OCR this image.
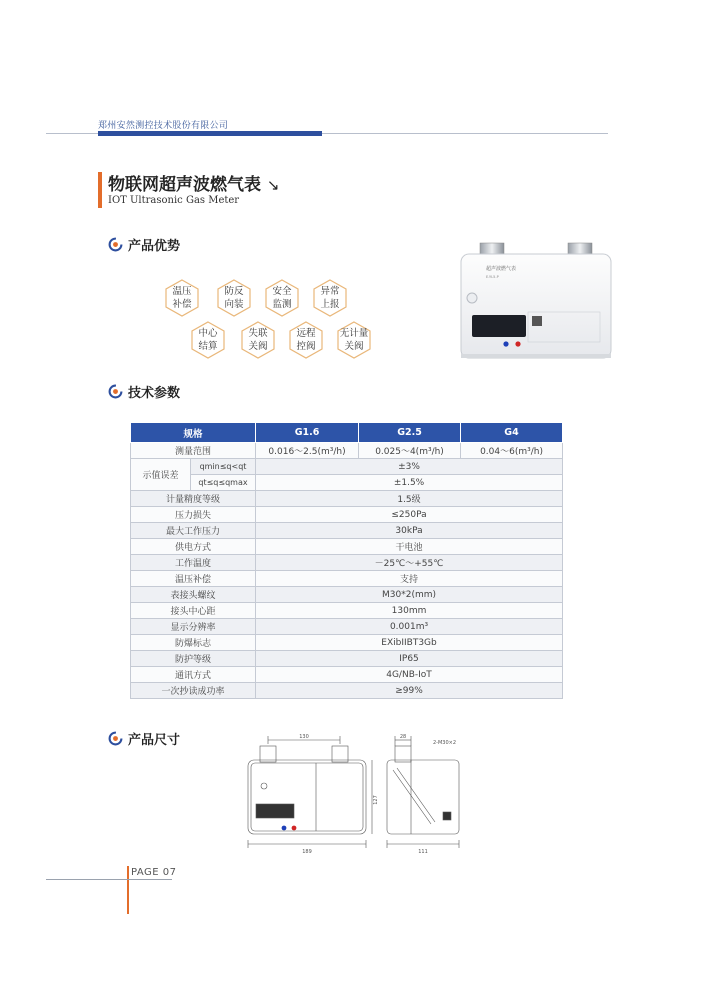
郑州安然测控技术股份有限公司
物联网超声波燃气表 ↘
IOT Ultrasonic Gas Meter
产品优势
温压
补偿
防反
向装
安全
监测
异常
上报
中心
结算
失联
关阀
远程
控阀
无计量
关阀
超声波燃气表
E-YL5-P
技术参数
规格		G1.6	G2.5	G4
测量范围		0.016～2.5(m³/h)	0.025～4(m³/h)	0.04～6(m³/h)
示值误差	qmin≤q<qt	±3%		
	qt≤q≤qmax	±1.5%		
计量精度等级		1.5级		
压力损失		≤250Pa		
最大工作压力		30kPa		
供电方式		干电池		
工作温度		－25℃～+55℃		
温压补偿		支持		
表接头螺纹		M30*2(mm)		
接头中心距		130mm		
显示分辨率		0.001m³		
防爆标志		EXibIIBT3Gb		
防护等级		IP65		
通讯方式		4G/NB-IoT		
一次抄读成功率		≥99%		
产品尺寸	130
189
127
28
2-M30×2
111
PAGE 07
